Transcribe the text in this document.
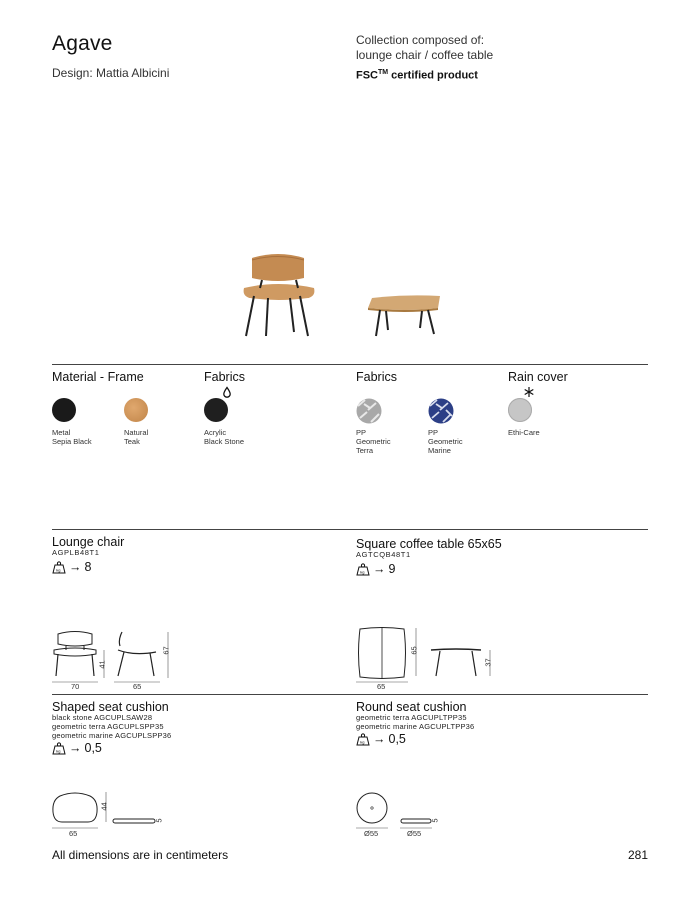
Agave
Design: Mattia Albicini
Collection composed of:
lounge chair / coffee table
FSC™ certified product
Material - Frame	Fabrics	Fabrics	Rain cover
Metal
Sepia Black
Natural
Teak
Acrylic
Black Stone
PP
Geometric
Terra
PP
Geometric
Marine
Ethi-Care
Lounge chair
AGPLB48T1
kg → 8
41
67
70	65
Square coffee table 65x65
AGTCQB48T1
kg → 9
65
65
37
Shaped seat cushion
black stone AGCUPLSAW28
geometric terra AGCUPLSPP35
geometric marine AGCUPLSPP36
kg → 0,5
44
5
65
Round seat cushion
geometric terra AGCUPLTPP35
geometric marine AGCUPLTPP36
kg → 0,5
5
Ø55	Ø55
All dimensions are in centimeters	281
